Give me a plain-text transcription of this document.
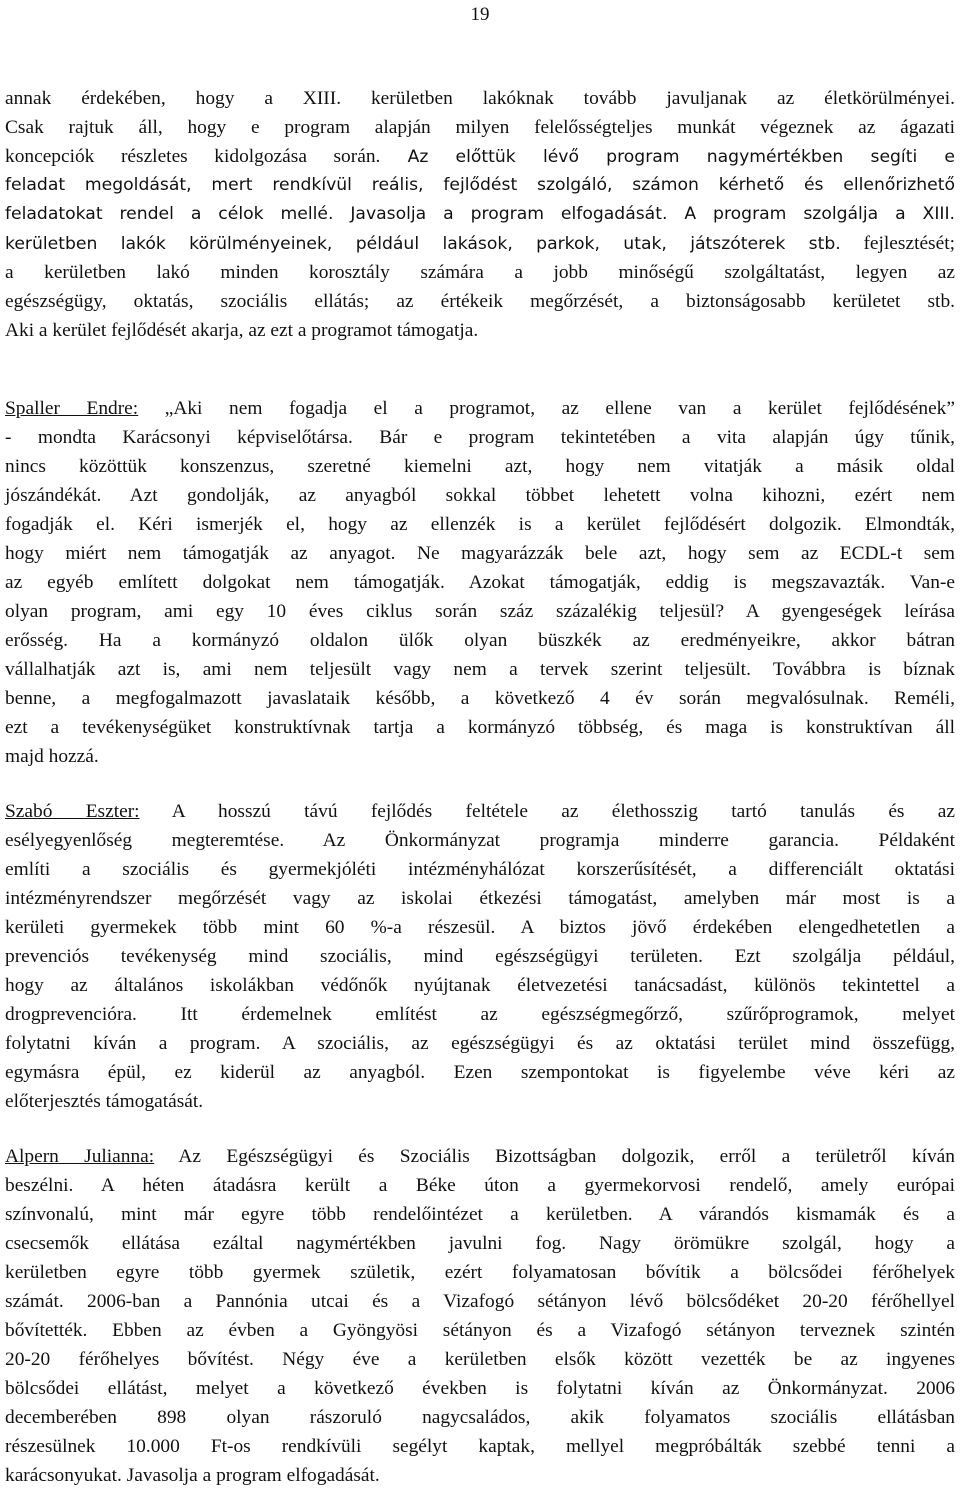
19
annak érdekében, hogy a XIII. kerületben lakóknak tovább javuljanak az életkörülményei.
Csak rajtuk áll, hogy e program alapján milyen felelősségteljes munkát végeznek az ágazati
koncepciók részletes kidolgozása során. Az előttük lévő program nagymértékben segíti e
feladat megoldását, mert rendkívül reális, fejlődést szolgáló, számon kérhető és ellenőrizhető
feladatokat rendel a célok mellé. Javasolja a program elfogadását. A program szolgálja a XIII.
kerületben lakók körülményeinek, például lakások, parkok, utak, játszóterek stb. fejlesztését;
a kerületben lakó minden korosztály számára a jobb minőségű szolgáltatást, legyen az
egészségügy, oktatás, szociális ellátás; az értékeik megőrzését, a biztonságosabb kerületet stb.
Aki a kerület fejlődését akarja, az ezt a programot támogatja.
Spaller Endre: „Aki nem fogadja el a programot, az ellene van a kerület fejlődésének”
- mondta Karácsonyi képviselőtársa. Bár e program tekintetében a vita alapján úgy tűnik,
nincs közöttük konszenzus, szeretné kiemelni azt, hogy nem vitatják a másik oldal
jószándékát. Azt gondolják, az anyagból sokkal többet lehetett volna kihozni, ezért nem
fogadják el. Kéri ismerjék el, hogy az ellenzék is a kerület fejlődésért dolgozik. Elmondták,
hogy miért nem támogatják az anyagot. Ne magyarázzák bele azt, hogy sem az ECDL-t sem
az egyéb említett dolgokat nem támogatják. Azokat támogatják, eddig is megszavazták. Van-e
olyan program, ami egy 10 éves ciklus során száz százalékig teljesül? A gyengeségek leírása
erősség. Ha a kormányzó oldalon ülők olyan büszkék az eredményeikre, akkor bátran
vállalhatják azt is, ami nem teljesült vagy nem a tervek szerint teljesült. Továbbra is bíznak
benne, a megfogalmazott javaslataik később, a következő 4 év során megvalósulnak. Reméli,
ezt a tevékenységüket konstruktívnak tartja a kormányzó többség, és maga is konstruktívan áll
majd hozzá.
Szabó Eszter: A hosszú távú fejlődés feltétele az élethosszig tartó tanulás és az
esélyegyenlőség megteremtése. Az Önkormányzat programja minderre garancia. Példaként
említi a szociális és gyermekjóléti intézményhálózat korszerűsítését, a differenciált oktatási
intézményrendszer megőrzését vagy az iskolai étkezési támogatást, amelyben már most is a
kerületi gyermekek több mint 60 %-a részesül. A biztos jövő érdekében elengedhetetlen a
prevenciós tevékenység mind szociális, mind egészségügyi területen. Ezt szolgálja például,
hogy az általános iskolákban védőnők nyújtanak életvezetési tanácsadást, különös tekintettel a
drogprevencióra. Itt érdemelnek említést az egészségmegőrző, szűrőprogramok, melyet
folytatni kíván a program. A szociális, az egészségügyi és az oktatási terület mind összefügg,
egymásra épül, ez kiderül az anyagból. Ezen szempontokat is figyelembe véve kéri az
előterjesztés támogatását.
Alpern Julianna: Az Egészségügyi és Szociális Bizottságban dolgozik, erről a területről kíván
beszélni. A héten átadásra került a Béke úton a gyermekorvosi rendelő, amely európai
színvonalú, mint már egyre több rendelőintézet a kerületben. A várandós kismamák és a
csecsemők ellátása ezáltal nagymértékben javulni fog. Nagy örömükre szolgál, hogy a
kerületben egyre több gyermek születik, ezért folyamatosan bővítik a bölcsődei férőhelyek
számát. 2006-ban a Pannónia utcai és a Vizafogó sétányon lévő bölcsődéket 20-20 férőhellyel
bővítették. Ebben az évben a Gyöngyösi sétányon és a Vizafogó sétányon terveznek szintén
20-20 férőhelyes bővítést. Négy éve a kerületben elsők között vezették be az ingyenes
bölcsődei ellátást, melyet a következő években is folytatni kíván az Önkormányzat. 2006
decemberében 898 olyan rászoruló nagycsaládos, akik folyamatos szociális ellátásban
részesülnek 10.000 Ft-os rendkívüli segélyt kaptak, mellyel megpróbálták szebbé tenni a
karácsonyukat. Javasolja a program elfogadását.
